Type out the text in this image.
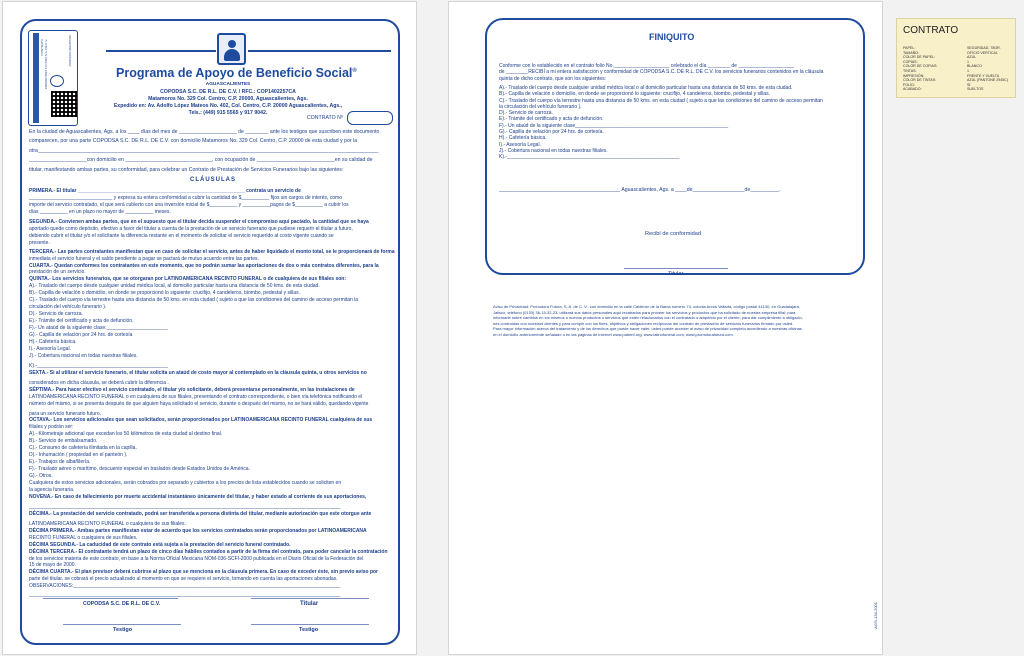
CONTRATO PROMOTORA FUTURA S.A. DE C.V.	PROFECO REGISTRO
Programa de Apoyo de Beneficio Social®
AGUASCALIENTES
COPODSA S.C. DE R.L. DE C.V. / RFC.: COP1402257CA
Matamoros No. 329 Col. Centro, C.P. 20000, Aguascalientes, Ags.
Expedido en: Av. Adolfo López Mateos No. 402, Col. Centro, C.P. 20000 Aguascalientes, Ags.,
Tels.: (449) 915 5565 y 917 9042.
CONTRATO Nº
En la ciudad de Aguascalientes, Ags. a los ____ días del mes de ____________________ de ________ ante los testigos que suscriben este documento
comparecen, por una parte COPODSA S.C. DE R.L. DE C.V. con domicilio Matamoros No. 329 Col. Centro, C.P. 20000 de esta ciudad y por la
otra______________________________________________________________________________________________________________________
____________________con domicilio en ______________________________, con ocupación de ___________________________en su calidad de
titular, manifestando ambas partes, su conformidad, para celebrar un Contrato de Prestación de Servicios Funerarios bajo las siguientes:
CLÁUSULAS
PRIMERA.- El titular ____________________________________________________________ contrata un servicio de
______________________________ y expresa su entera conformidad a cubrir la cantidad de $__________ fijos sin cargos de interés, como
importe del servicio contratado, el que será cubierto con una inversión inicial de $__________ y __________pagos de $__________ a cubrir los
días __________ en un plazo no mayor de __________ meses.
SEGUNDA.- Convienen ambas partes, que en el supuesto que el titular decida suspender el compromiso aquí pactado, la cantidad que se haya
aportado quede como depósito, efectivo a favor del titular a cuenta de la prestación de un servicio funerario que pudiese requerir el titular a futuro,
debiendo cubrir el titular y/o el solicitante la diferencia restante en el momento de solicitar el servicio requerido al costo vigente cuando se
presente.
TERCERA.- Las partes contratantes manifiestan que en caso de solicitar el servicio, antes de haber liquidado el monto total, se le proporcionará de forma
inmediata el servicio funeral y el saldo pendiente a pagar se pactará de mutuo acuerdo entre las partes.
CUARTA.- Quedan conformes los contratantes en este momento, que no podrán sumar las aportaciones de dos o más contratos diferentes, para la
prestación de un servicio.
QUINTA.- Los servicios funerarios, que se otorgaran por LATINOAMERICANA RECINTO FUNERAL o de cualquiera de sus filiales son:
A).- Traslado del cuerpo desde cualquier unidad médica local, al domicilio particular hasta una distancia de 50 kms. de esta ciudad.
B).- Capilla de velación o domicilio, en donde se proporcionó lo siguiente: crucifijo, 4 candeleros, biombo, pedestal y sillas.
C).- Traslado del cuerpo vía terrestre hasta una distancia de 50 kms. en esta ciudad ( sujeto a que las condiciones del camino de acceso permitan la
circulación del vehículo funerario ).
D).- Servicio de carroza.
E).- Trámite del certificado y acta de defunción.
F).- Un ataúd de la siguiente clase:______________________
G).- Capilla de velación por 24 hrs. de cortesía
H).- Cafetería básica.
I).- Asesoría Legal.
J).- Cobertura nacional en todas nuestras filiales.
K).-_______________________________________________
SEXTA.- Si al utilizar el servicio funerario, el titular solicita un ataúd de costo mayor al contemplado en la cláusula quinta, u otros servicios no
considerados en dicha cláusula, se deberá cubrir la diferencia .
SÉPTIMA.- Para hacer efectivo el servicio contratado, el titular y/o solicitante, deberá presentarse personalmente, en las instalaciones de
LATINOAMERICANA RECINTO FUNERAL o en cualquiera de sus filiales, presentando el contrato correspondiente, o bien vía telefónica notificando el
número del mismo, si se presenta después de que alguien haya solicitado el servicio, durante o después del mismo, no se hará válido, quedando vigente
para un servicio funerario futuro.
OCTAVA.- Los servicios adicionales que sean solicitados, serán proporcionados por LATINOAMERICANA RECINTO FUNERAL cualquiera de sus
filiales y podrán ser:
A).- Kilometraje adicional que excedan los 50 kilómetros de esta ciudad al destino final.
B).- Servicio de embalsamado.
C).- Consumo de cafetería ilimitada en la capilla.
D).- Inhumación ( propiedad en el panteón ).
E).- Trabajos de albañilería.
F).- Traslado aéreo o marítimo, descuento especial en traslados desde Estados Unidos de América.
G).- Otros.
Cualquiera de estos servicios adicionales, serán cobrados por separado y cubiertos a los precios de lista establecidos cuando se soliciten en
la agencia funeraria.
NOVENA.- En caso de fallecimiento por muerte accidental instantáneo únicamente del titular, y haber estado al corriente de sus aportaciones,
________________________________________________________________________________________________________________
DÉCIMA.- La prestación del servicio contratado, podrá ser transferida a persona distinta del titular, mediante autorización que este otorgue ante
LATINOAMERICANA RECINTO FUNERAL o cualquiera de sus filiales.
DÉCIMA PRIMERA.- Ambas partes manifiestan estar de acuerdo que los servicios contratados serán proporcionados por LATINOAMERICANA
RECINTO FUNERAL o cualquiera de sus filiales.
DÉCIMA SEGUNDA.- La caducidad de este contrato está sujeta a la prestación del servicio funeral contratado.
DÉCIMA TERCERA.- El contratante tendrá un plazo de cinco días hábiles contados a partir de la firma del contrato, para poder cancelar la contratación
de los servicios materia de este contrato, en base a la Norma Oficial Mexicana NOM-036-SCFI-2000 publicada en el Diario Oficial de la Federación del
15 de mayo de 2000.
DÉCIMA CUARTA.- El plan previsor deberá cubrirse al plazo que se menciona en la cláusula primera. En caso de exceder éste, sin previo aviso por
parte del titular, se cobrará el precio actualizado al momento en que se requiere el servicio, tomando en cuenta las aportaciones abonadas.
OBSERVACIONES:________________________________________________________________________________________________
________________________________________________________________________________________________________________
COPODSA S.C. DE R.L. DE C.V.	Titular
Testigo	Testigo
FINIQUITO
Conforme con lo establecido en el contrato folio No.____________________ celebrado el día ________ de ____________________
de ________RECIBÍ a mi entera satisfacción y conformidad de COPODSA S.C. DE R.L. DE C.V. los servicios funerarios contenidos en la cláusula
quinta de dicho contrato, que son los siguientes:
A).- Traslado del cuerpo desde cualquier unidad médica local o al domicilio particular hasta una distancia de 50 kms. de esta ciudad.
B).- Capilla de velación o domicilio, en donde se proporcionó lo siguiente: crucifijo, 4 candeleros, biombo, pedestal y sillas.
C).- Traslado del cuerpo vía terrestre hasta una distancia de 50 kms. en esta ciudad ( sujeto a que las condiciones del camino de acceso permitan
la circulación del vehículo funerario ).
D).- Servicio de carroza.
E).- Trámite del certificado y acta de defunción.
F).- Un ataúd de la siguiente clase_______________________________________________________
G).- Capilla de velación por 24 hrs. de cortesía.
H).- Cafetería básica.
I).- Asesoría Legal.
J).- Cobertura nacional en todas nuestras filiales.
K).-______________________________________________________________
__________________________________________ Aguascalientes, Ags. a ____de__________________de__________.
Recibí de conformidad
Titular
Aviso de Privacidad: Promotora Futura, S. A. de C. V., con domicilio en la calle Calderón de la Barca número 74, colonia Arcos Vallarta, código postal 44130, en Guadalajara,
Jalisco, teléfono (0133) 36-15-32-23, utilizará sus datos personales aquí recabados para proveer los servicios y productos que ha solicitado de nuestra empresa filial; para
informarle sobre cambios en los mismos o nuevos productos o servicios que estén relacionados con el contratado o adquirido por el cliente; para dar cumplimiento a obligacio-
nes contraídas con nuestros clientes y para cumplir con los fines, objetivos y obligaciones recíprocas del contrato de prestación de servicios funerarios firmado por usted.
Para mayor información acerca del tratamiento y de los derechos que puede hacer valer, usted puede acceder al aviso de privacidad completo accediendo a nuestras oficinas
en el domicilio anteriormente señalado o en las páginas de internet www.pabenf.org, www.latinofuneral.com; www.promotorafutura.com.
AGS-134-2001
CONTRATO
PAPEL:	SEGURIDAD, 78GR.
TAMAÑO:	OFICIO VERTICAL
COLOR DE PAPEL:	AZUL
COPIAS:	1
COLOR DE COPIAS:	BLANCO
TINTAS:	1
IMPRESIÓN:	FRENTE Y VUELTA
COLOR DE TINTAS:	AZUL (PANTONE 2945C)
FOLIO:	SÍ
ACABADO:	SUELTOS
